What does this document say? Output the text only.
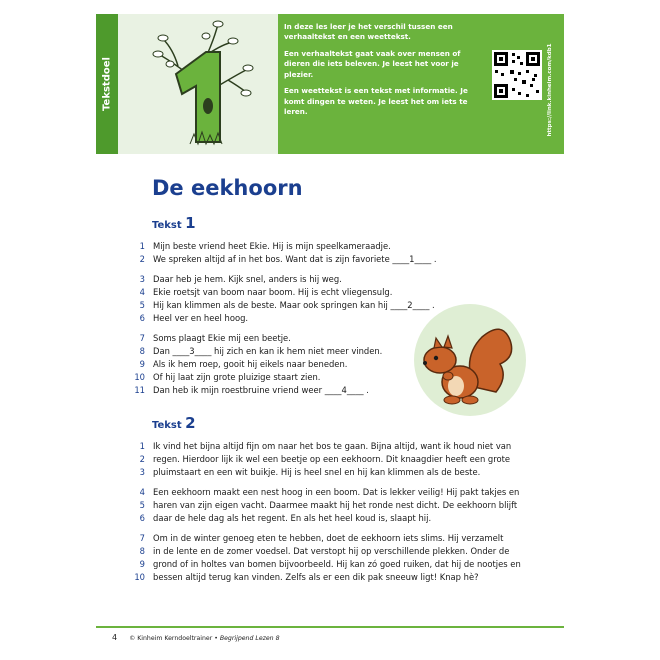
Tekstdoel

In deze les leer je het verschil tussen een verhaaltekst en een weettekst.

Een verhaaltekst gaat vaak over mensen of dieren die iets beleven. Je leest het voor je plezier.

Een weettekst is een tekst met informatie. Je komt dingen te weten. Je leest het om iets te leren.	https://link.kinheim.com/kdb1
De eekhoorn
Tekst 1
1 Mijn beste vriend heet Ekie. Hij is mijn speelkameraadje.
2 We spreken altijd af in het bos. Want dat is zijn favoriete ____1____ .
3 Daar heb je hem. Kijk snel, anders is hij weg.
4 Ekie roetsjt van boom naar boom. Hij is echt vliegensulg.
5 Hij kan klimmen als de beste. Maar ook springen kan hij ____2____ .
6 Heel ver en heel hoog.
7 Soms plaagt Ekie mij een beetje.
8 Dan ____3____ hij zich en kan ik hem niet meer vinden.
9 Als ik hem roep, gooit hij eikels naar beneden.
10 Of hij laat zijn grote pluizige staart zien.
11 Dan heb ik mijn roestbruine vriend weer ____4____ .
Tekst 2
1 Ik vind het bijna altijd fijn om naar het bos te gaan. Bijna altijd, want ik houd niet van
2 regen. Hierdoor lijk ik wel een beetje op een eekhoorn. Dit knaagdier heeft een grote
3 pluimstaart en een wit buikje. Hij is heel snel en hij kan klimmen als de beste.
4 Een eekhoorn maakt een nest hoog in een boom. Dat is lekker veilig! Hij pakt takjes en
5 haren van zijn eigen vacht. Daarmee maakt hij het ronde nest dicht. De eekhoorn blijft
6 daar de hele dag als het regent. En als het heel koud is, slaapt hij.
7 Om in de winter genoeg eten te hebben, doet de eekhoorn iets slims. Hij verzamelt
8 in de lente en de zomer voedsel. Dat verstopt hij op verschillende plekken. Onder de
9 grond of in holtes van bomen bijvoorbeeld. Hij kan zó goed ruiken, dat hij de nootjes en
10 bessen altijd terug kan vinden. Zelfs als er een dik pak sneeuw ligt! Knap hè?
4 © Kinheim Kerndoeltrainer • Begrijpend Lezen 8
